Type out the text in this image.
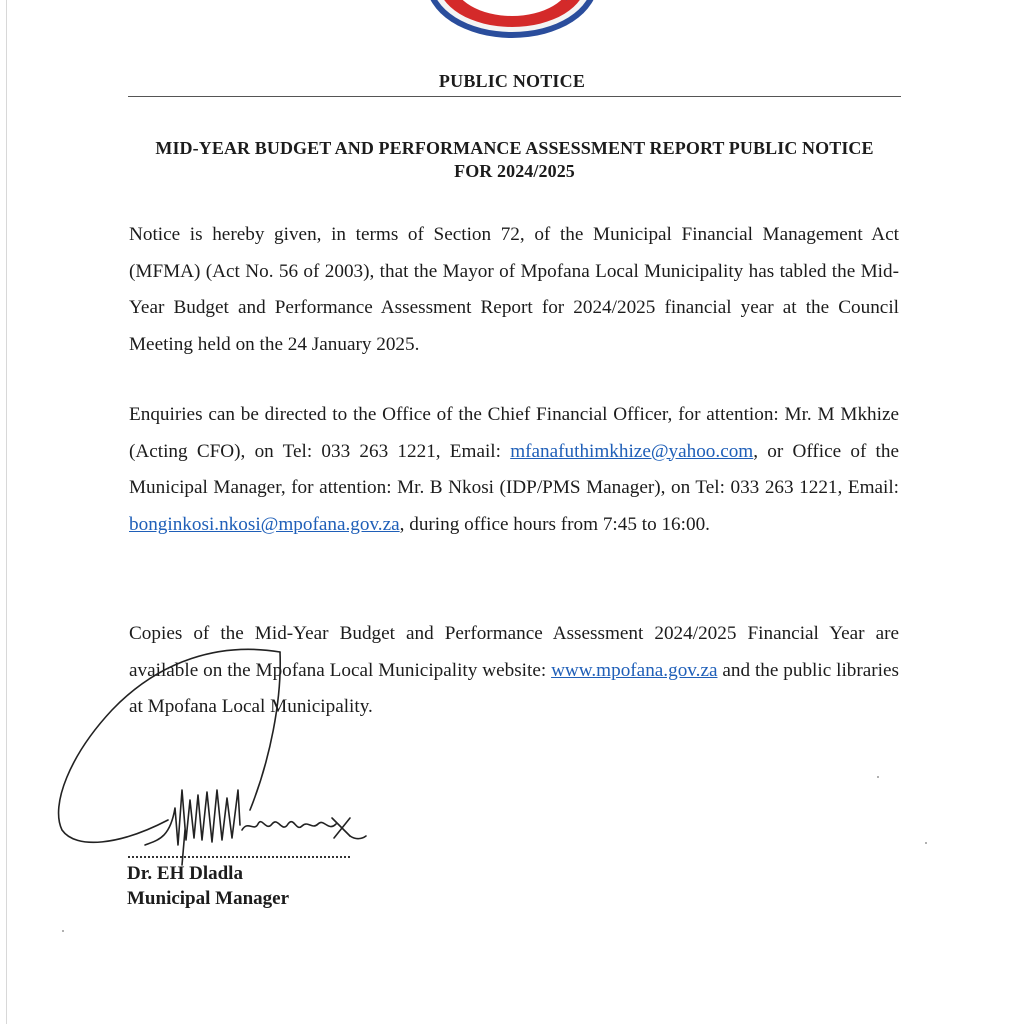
PUBLIC NOTICE
MID-YEAR BUDGET AND PERFORMANCE ASSESSMENT REPORT PUBLIC NOTICE
FOR 2024/2025
Notice is hereby given, in terms of Section 72, of the Municipal Financial Management Act (MFMA) (Act No. 56 of 2003), that the Mayor of Mpofana Local Municipality has tabled the Mid-Year Budget and Performance Assessment Report for 2024/2025 financial year at the Council Meeting held on the 24 January 2025.
Enquiries can be directed to the Office of the Chief Financial Officer, for attention: Mr. M Mkhize (Acting CFO), on Tel: 033 263 1221, Email: mfanafuthimkhize@yahoo.com, or Office of the Municipal Manager, for attention: Mr. B Nkosi (IDP/PMS Manager), on Tel: 033 263 1221, Email: bonginkosi.nkosi@mpofana.gov.za, during office hours from 7:45 to 16:00.
Copies of the Mid-Year Budget and Performance Assessment 2024/2025 Financial Year are available on the Mpofana Local Municipality website: www.mpofana.gov.za and the public libraries at Mpofana Local Municipality.
Dr. EH Dladla
Municipal Manager
